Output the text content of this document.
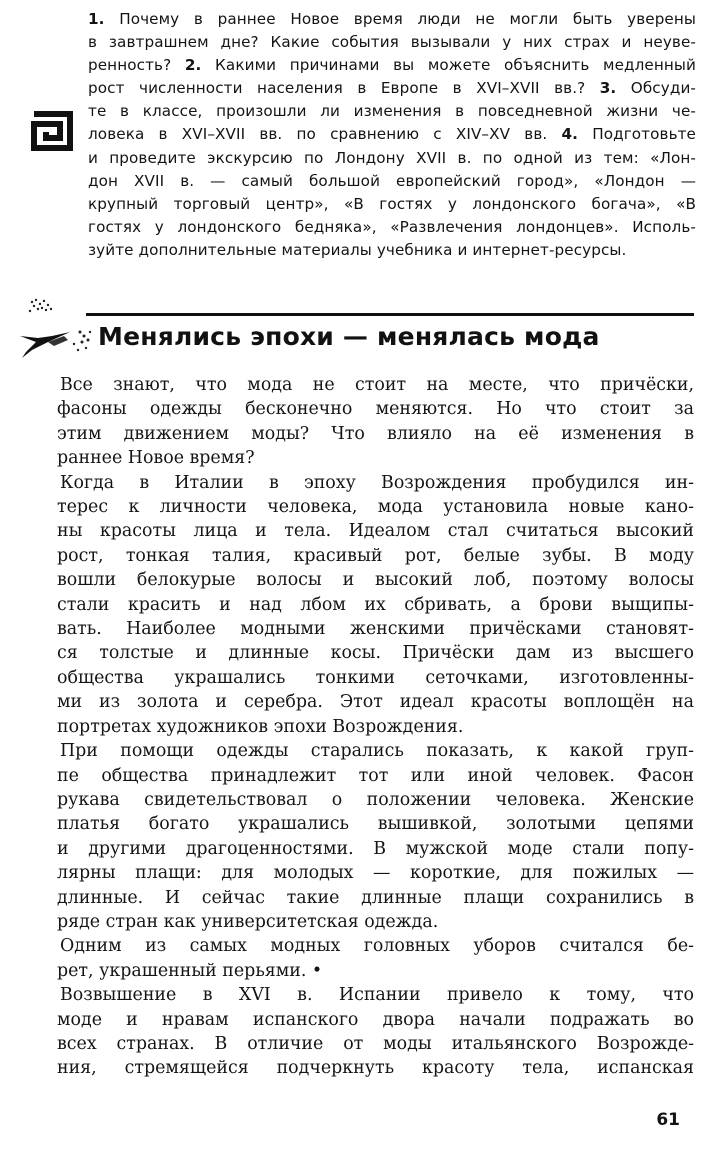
1. Почему в раннее Новое время люди не могли быть уверены
в завтрашнем дне? Какие события вызывали у них страх и неуве-
ренность? 2. Какими причинами вы можете объяснить медленный
рост численности населения в Европе в XVI–XVII вв.? 3. Обсуди-
те в классе, произошли ли изменения в повседневной жизни че-
ловека в XVI–XVII вв. по сравнению с XIV–XV вв. 4. Подготовьте
и проведите экскурсию по Лондону XVII в. по одной из тем: «Лон-
дон XVII в. — самый большой европейский город», «Лондон —
крупный торговый центр», «В гостях у лондонского богача», «В
гостях у лондонского бедняка», «Развлечения лондонцев». Исполь-
зуйте дополнительные материалы учебника и интернет-ресурсы.
Менялись эпохи — менялась мода
Все знают, что мода не стоит на месте, что причёски,
фасоны одежды бесконечно меняются. Но что стоит за
этим движением моды? Что влияло на её изменения в
раннее Новое время?
Когда в Италии в эпоху Возрождения пробудился ин-
терес к личности человека, мода установила новые кано-
ны красоты лица и тела. Идеалом стал считаться высокий
рост, тонкая талия, красивый рот, белые зубы. В моду
вошли белокурые волосы и высокий лоб, поэтому волосы
стали красить и над лбом их сбривать, а брови выщипы-
вать. Наиболее модными женскими причёсками становят-
ся толстые и длинные косы. Причёски дам из высшего
общества украшались тонкими сеточками, изготовленны-
ми из золота и серебра. Этот идеал красоты воплощён на
портретах художников эпохи Возрождения.
При помощи одежды старались показать, к какой груп-
пе общества принадлежит тот или иной человек. Фасон
рукава свидетельствовал о положении человека. Женские
платья богато украшались вышивкой, золотыми цепями
и другими драгоценностями. В мужской моде стали попу-
лярны плащи: для молодых — короткие, для пожилых —
длинные. И сейчас такие длинные плащи сохранились в
ряде стран как университетская одежда.
Одним из самых модных головных уборов считался бе-
рет, украшенный перьями. •
Возвышение в XVI в. Испании привело к тому, что
моде и нравам испанского двора начали подражать во
всех странах. В отличие от моды итальянского Возрожде-
ния, стремящейся подчеркнуть красоту тела, испанская
61
